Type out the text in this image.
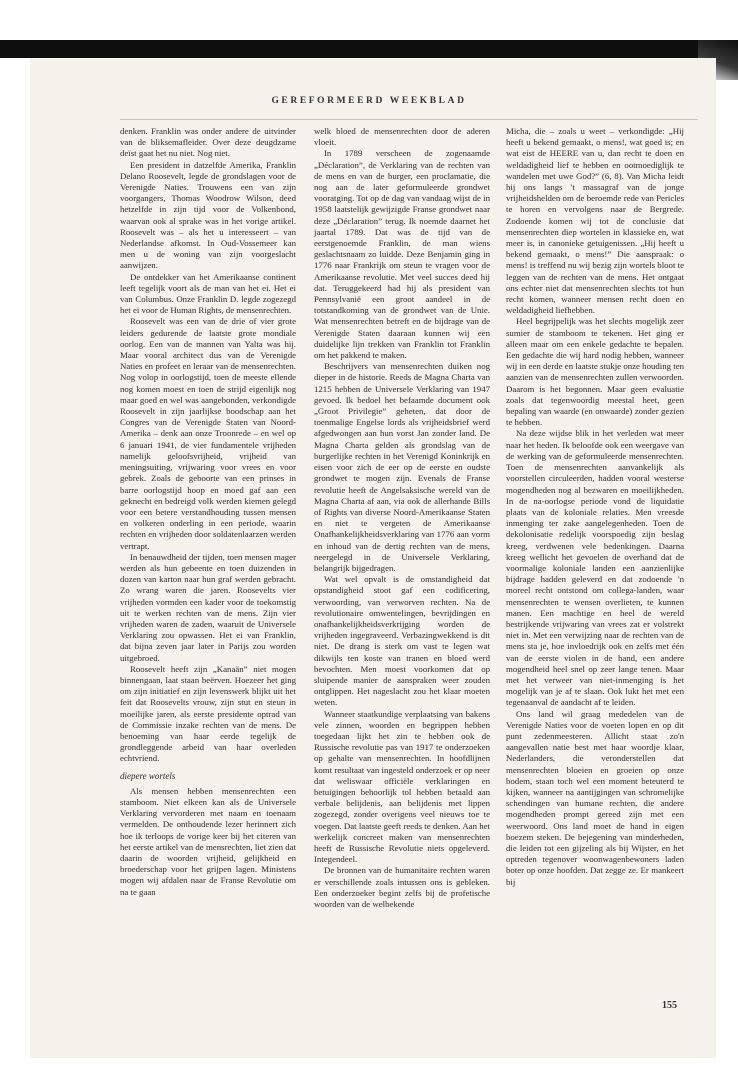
GEREFORMEERD WEEKBLAD

denken. Franklin was onder andere de uitvinder van de bliksemafleider. Over deze deugdzame deïst gaat het nu niet. Nog niet.

Een president in datzelfde Amerika, Franklin Delano Roosevelt, legde de grondslagen voor de Verenigde Naties. Trouwens een van zijn voorgangers, Thomas Woodrow Wilson, deed hetzelfde in zijn tijd voor de Volkenbond, waarvan ook al sprake was in het vorige artikel. Roosevelt was – als het u interesseert – van Nederlandse afkomst. In Oud-Vossemeer kan men u de woning van zijn voorgeslacht aanwijzen.

De ontdekker van het Amerikaanse continent leeft tegelijk voort als de man van het ei. Het ei van Columbus. Onze Franklin D. legde zogezegd het ei voor de Human Rights, de mensenrechten.

Roosevelt was een van de drie of vier grote leiders gedurende de laatste grote mondiale oorlog. Een van de mannen van Yalta was hij. Maar vooral architect dus van de Verenigde Naties en profeet en leraar van de mensenrechten. Nog volop in oorlogstijd, toen de meeste ellende nog komen moest en toen de strijd eigenlijk nog maar goed en wel was aangebonden, verkondigde Roosevelt in zijn jaarlijkse boodschap aan het Congres van de Verenigde Staten van Noord-Amerika – denk aan onze Troonrede – en wel op 6 januari 1941, de vier fundamentele vrijheden namelijk geloofsvrijheid, vrijheid van meningsuiting, vrijwaring voor vrees en voor gebrek. Zoals de geboorte van een prinses in barre oorlogstijd hoop en moed gaf aan een geknecht en bedreigd volk werden kiemen gelegd voor een betere verstandhouding tussen mensen en volkeren onderling in een periode, waarin rechten en vrijheden door soldatenlaarzen werden vertrapt.

In benauwdheid der tijden, toen mensen mager werden als hun gebeente en toen duizenden in dozen van karton naar hun graf werden gebracht. Zo wrang waren die jaren. Roosevelts vier vrijheden vormden een kader voor de toekomstig uit te werken rechten van de mens. Zijn vier vrijheden waren de zaden, waaruit de Universele Verklaring zou opwassen. Het ei van Franklin, dat bijna zeven jaar later in Parijs zou worden uitgebroed.

Roosevelt heeft zijn „Kanaän” niet mogen binnengaan, laat staan beërven. Hoezeer het ging om zijn initiatief en zijn levenswerk blijkt uit het feit dat Roosevelts vrouw, zijn stut en steun in moeilijke jaren, als eerste presidente optrad van de Commissie inzake rechten van de mens. De benoeming van haar eerde tegelijk de grondleggende arbeid van haar overleden echtvriend.

diepere wortels

Als mensen hebben mensenrechten een stamboom. Niet elkeen kan als de Universele Verklaring vervorderen met naam en toenaam vermelden. De onthoudende lezer herinnert zich hoe ik terloops de vorige keer bij het citeren van het eerste artikel van de mensrechten, liet zien dat daarin de woorden vrijheid, gelijkheid en broederschap voor het grijpen lagen. Ministens mogen wij afdalen naar de Franse Revolutie om na te gaan

welk bloed de mensenrechten door de aderen vloeit.

In 1789 verscheen de zogenaamde „Déclaration”, de Verklaring van de rechten van de mens en van de burger, een proclamatie, die nog aan de later geformuleerde grondwet vooratging. Tot op de dag van vandaag wijst de in 1958 laatstelijk gewijzigde Franse grondwet naar deze „Déclaration” terug. Ik noemde daarnet het jaartal 1789. Dat was de tijd van de eerstgenoemde Franklin, de man wiens geslachtsnaam zo luidde. Deze Benjamin ging in 1776 naar Frankrijk om steun te vragen voor de Amerikaanse revolutie. Met veel succes deed hij dat. Teruggekeerd had hij als president van Pennsylvanië een groot aandeel in de totstandkoming van de grondwet van de Unie. Wat mensenrechten betreft en de bijdrage van de Verenigde Staten daaraan kunnen wij een duidelijke lijn trekken van Franklin tot Franklin om het pakkend te maken.

Beschrijvers van mensenrechten duiken nog dieper in de historie. Reeds de Magna Charta van 1215 hebben de Universele Verklaring van 1947 gevoed. Ik bedoel het befaamde document ook „Groot Privilegie” geheten, dat door de toenmalige Engelse lords als vrijheidsbrief werd afgedwongen aan hun vorst Jan zonder land. De Magna Charta gelden als grondslag van de burgerlijke rechten in het Verenigd Koninkrijk en eisen voor zich de eer op de eerste en oudste grondwet te mogen zijn. Evenals de Franse revolutie heeft de Angelsaksische wereld van de Magna Charta af aan, via ook de allerhande Bills of Rights van diverse Noord-Amerikaanse Staten en niet te vergeten de Amerikaanse Onafhankelijkheidsverklaring van 1776 aan vorm en inhoud van de dertig rechten van de mens, neergelegd in de Universele Verklaring, belangrijk bijgedragen.

Wat wel opvalt is de omstandigheid dat opstandigheid stoot gaf een codificering, verwoording, van verworven rechten. Na de revolutionaire omwentelingen, bevrijdingen en onafhankelijkheidsverkrijging worden de vrijheden ingegraveerd. Verbazingwekkend is dit niet. De drang is sterk om vast te legen wat dikwijls ten koste van tranen en bloed werd bevochten. Men moest voorkomen dat op sluipende manier de aanspraken weer zouden ontglippen. Het nageslacht zou het klaar moeten weten.

Wanneer staatkundige verplaatsing van bakens vele zinnen, woorden en begrippen hebben toegedaan lijkt het zin te hebben ook de Russische revolutie pas van 1917 te onderzoeken op gehalte van mensenrechten. In hoofdlijnen komt resultaat van ingesteld onderzoek er op neer dat weliswaar officiële verklaringen en betuigingen behoorlijk tol hebben betaald aan verbale belijdenis, aan belijdenis met lippen zogezegd, zonder overigens veel nieuws toe te voegen. Dat laatste geeft reeds te denken. Aan het werkelijk concreet maken van mensenrechten heeft de Russische Revolutie niets opgeleverd. Integendeel.

De bronnen van de humanitaire rechten waren er verschillende zoals intussen ons is gebleken. Een onderzoeker begint zelfs bij de profetische woorden van de welbekende

Micha, die – zoals u weet – verkondigde: „Hij heeft u bekend gemaakt, o mens!, wat goed is; en wat eist de HEERE van u, dan recht te doen en weldadigheid lief te hebben en ootmoediglijk te wandelen met uwe God?” (6, 8). Van Micha leidt hij ons langs 't massagraf van de jonge vrijheidshelden om de beroemde rede van Pericles te horen en vervolgens naar de Bergrede. Zodoende komen wij tot de conclusie dat mensenrechten diep wortelen in klassieke en, wat meer is, in canonieke getuigenissen. „Hij heeft u bekend gemaakt, o mens!” Die aanspraak: o mens! is treffend nu wij bezig zijn wortels bloot te leggen van de rechten van de mens. Het ontgaat ons echter niet dat mensenrechten slechts tot hun recht komen, wanneer mensen recht doen en weldadigheid liefhebben.

Heel begrijpelijk was het slechts mogelijk zeer sumier de stamboom te tekenen. Het ging er alleen maar om een enkele gedachte te bepalen. Een gedachte die wij hard nodig hebben, wanneer wij in een derde en laatste stukje onze houding ten aanzien van de mensenrechten zullen verwoorden. Daarom is het begonnen. Maar geen evaluatie zoals dat tegenwoordig meestal heet, geen bepaling van waarde (en onwaarde) zonder gezien te hebben.

Na deze wijdse blik in het verleden wat meer naar het heden. Ik beloofde ook een weergave van de werking van de geformuleerde mensenrechten. Toen de mensenrechten aanvankelijk als voorstellen circuleerden, hadden vooral westerse mogendheden nog al bezwaren en moeilijkheden. In de na-oorlogse periode vond de liquidatie plaats van de koloniale relaties. Men vreesde inmenging ter zake aangelegenheden. Toen de dekolonisatie redelijk voorspoedig zijn beslag kreeg, verdwenen vele bedenkingen. Daarna kreeg wellicht het gevoelen de overhand dat de voormalige koloniale landen een aanzienlijke bijdrage hadden geleverd en dat zodoende 'n moreel recht ontstond om collega-landen, waar mensenrechten te wensen overlieten, te kunnen manen. Een machtige en heel de wereld bestrijkende vrijwaring van vrees zat er volstrekt niet in. Met een verwijzing naar de rechten van de mens sta je, hoe invloedrijk ook en zelfs met één van de eerste violen in de hand, een andere mogendheid heel snel op zeer lange tenen. Maar met het verweer van niet-inmenging is het mogelijk van je af te slaan. Ook lukt het met een tegenaanval de aandacht af te leiden.

Ons land wil graag mededelen van de Verenigde Naties voor de voeten lopen en op dit punt zedenmeesteren. Allicht staat zo'n aangevallen natie best met haar woordje klaar, Nederlanders, die veronderstellen dat mensenrechten bloeien en groeien op onze bodem, staan toch wel een moment beteuterd te kijken, wanneer na aantijgingen van schromelijke schendingen van humane rechten, die andere mogendheden prompt gereed zijn met een weerwoord. Ons land moet de hand in eigen boezem steken. De bejegening van minderheden, die leiden tot een gijzeling als bij Wijster, en het optreden tegenover woonwagenbewoners laden boter op onze hoofden. Dat zegge ze. Er mankeert bij

155
